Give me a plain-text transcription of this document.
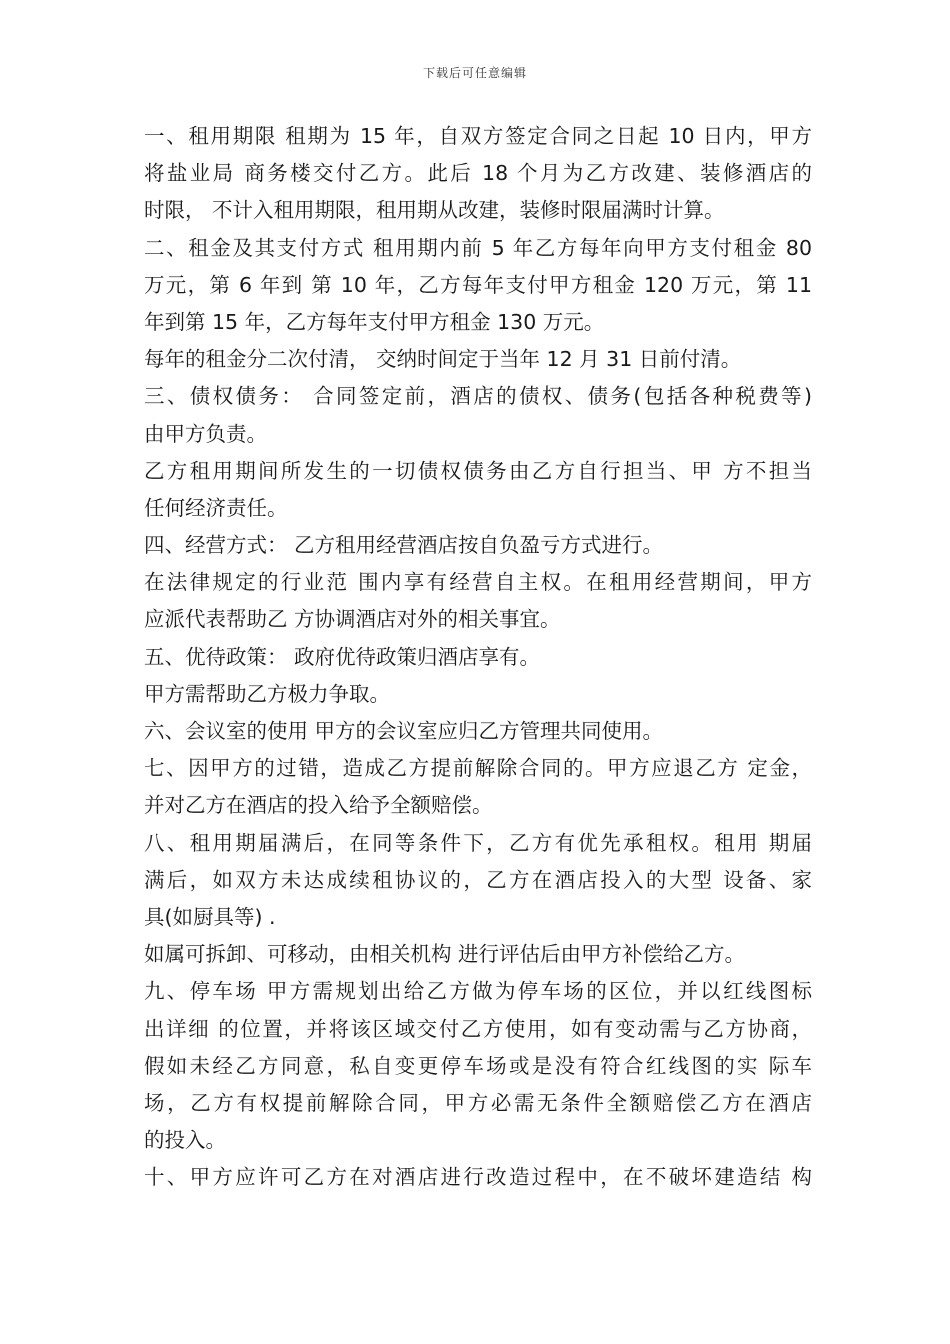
下载后可任意编辑
一、租用期限 租期为 15 年，自双方签定合同之日起 10 日内，甲方
将盐业局 商务楼交付乙方。此后 18 个月为乙方改建、装修酒店的
时限， 不计入租用期限，租用期从改建，装修时限届满时计算。
二、租金及其支付方式 租用期内前 5 年乙方每年向甲方支付租金 80
万元，第 6 年到 第 10 年，乙方每年支付甲方租金 120 万元，第 11
年到第 15 年，乙方每年支付甲方租金 130 万元。
每年的租金分二次付清， 交纳时间定于当年 12 月 31 日前付清。
三、债权债务： 合同签定前，酒店的债权、债务(包括各种税费等)
由甲方负责。
乙方租用期间所发生的一切债权债务由乙方自行担当、甲 方不担当
任何经济责任。
四、经营方式： 乙方租用经营酒店按自负盈亏方式进行。
在法律规定的行业范 围内享有经营自主权。在租用经营期间，甲方
应派代表帮助乙 方协调酒店对外的相关事宜。
五、优待政策： 政府优待政策归酒店享有。
甲方需帮助乙方极力争取。
六、会议室的使用 甲方的会议室应归乙方管理共同使用。
七、因甲方的过错，造成乙方提前解除合同的。甲方应退乙方 定金，
并对乙方在酒店的投入给予全额赔偿。
八、租用期届满后，在同等条件下，乙方有优先承租权。租用 期届
满后，如双方未达成续租协议的，乙方在酒店投入的大型 设备、家
具(如厨具等) .
如属可拆卸、可移动，由相关机构 进行评估后由甲方补偿给乙方。
九、停车场 甲方需规划出给乙方做为停车场的区位，并以红线图标
出详细 的位置，并将该区域交付乙方使用，如有变动需与乙方协商，
假如未经乙方同意，私自变更停车场或是没有符合红线图的实 际车
场，乙方有权提前解除合同，甲方必需无条件全额赔偿乙方在酒店
的投入。
十、甲方应许可乙方在对酒店进行改造过程中，在不破坏建造结 构
